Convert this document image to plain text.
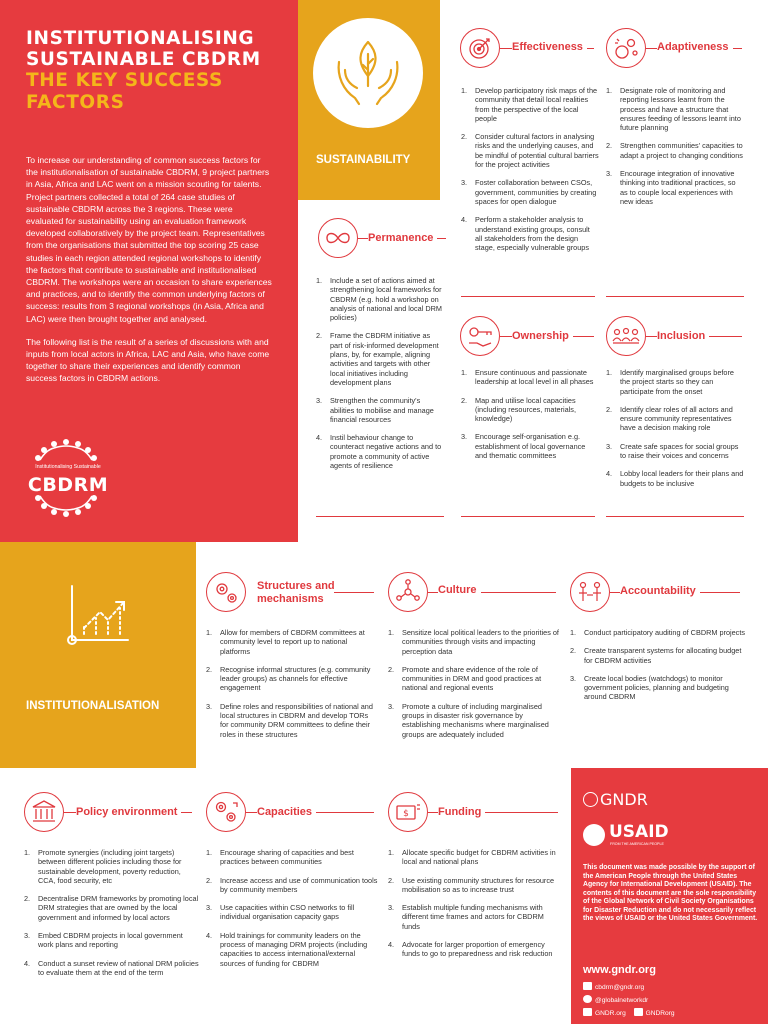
INSTITUTIONALISING
SUSTAINABLE CBDRM
THE KEY SUCCESS
FACTORS

To increase our understanding of common success factors for the institutionalisation of sustainable CBDRM, 9 project partners in Asia, Africa and LAC went on a mission scouting for talents. Project partners collected a total of 264 case studies of sustainable CBDRM across the 3 regions. These were evaluated for sustainability using an evaluation framework developed collaboratively by the project team. Representatives from the organisations that submitted the top scoring 25 case studies in each region attended regional workshops to identify the factors that contribute to sustainable and institutionalised CBDRM. The workshops were an occasion to share experiences and practices, and to identify the common underlying factors of success: results from 3 regional workshops (in Asia, Africa and LAC) were then brought together and analysed.

The following list is the result of a series of discussions with and inputs from local actors in Africa, LAC and Asia, who have come together to share their experiences and identify common success factors in CBDRM actions.

Institutionalising Sustainable
CBDRM
SUSTAINABILITY
Effectiveness
1. Develop participatory risk maps of the community that detail local realities from the perspective of the local people
2. Consider cultural factors in analysing risks and the underlying causes, and be mindful of potential cultural barriers for the project activities
3. Foster collaboration between CSOs, government, communities by creating spaces for open dialogue
4. Perform a stakeholder analysis to understand existing groups, consult all stakeholders from the design stage, especially vulnerable groups
Adaptiveness
1. Designate role of monitoring and reporting lessons learnt from the process and have a structure that ensures feeding of lessons learnt into future planning
2. Strengthen communities' capacities to adapt a project to changing conditions
3. Encourage integration of innovative thinking into traditional practices, so as to couple local experiences with new ideas
Permanence
1. Include a set of actions aimed at strengthening local frameworks for CBDRM (e.g. hold a workshop on analysis of national and local DRM policies)
2. Frame the CBDRM initiative as part of risk-informed development plans, by, for example, aligning activities and targets with other local initiatives including development plans
3. Strengthen the community's abilities to mobilise and manage financial resources
4. Instil behaviour change to counteract negative actions and to promote a community of active agents of resilience
Ownership
1. Ensure continuous and passionate leadership at local level in all phases
2. Map and utilise local capacities (including resources, materials, knowledge)
3. Encourage self-organisation e.g. establishment of local governance and thematic committees
Inclusion
1. Identify marginalised groups before the project starts so they can participate from the onset
2. Identify clear roles of all actors and ensure community representatives have a decision making role
3. Create safe spaces for social groups to raise their voices and concerns
4. Lobby local leaders for their plans and budgets to be inclusive
INSTITUTIONALISATION
Structures and
mechanisms
1. Allow for members of CBDRM committees at community level to report up to national platforms
2. Recognise informal structures (e.g. community leader groups) as channels for effective engagement
3. Define roles and responsibilities of national and local structures in CBDRM and develop TORs for community DRM committees to define their roles in these structures
Culture
1. Sensitize local political leaders to the priorities of communities through visits and impacting perception data
2. Promote and share evidence of the role of communities in DRM and good practices at national and regional events
3. Promote a culture of including marginalised groups in disaster risk governance by establishing mechanisms where marginalised groups are adequately included
Accountability
1. Conduct participatory auditing of CBDRM projects
2. Create transparent systems for allocating budget for CBDRM activities
3. Create local bodies (watchdogs) to monitor government policies, planning and budgeting around CBDRM
Policy environment
1. Promote synergies (including joint targets) between different policies including those for sustainable development, poverty reduction, CCA, food security, etc
2. Decentralise DRM frameworks by promoting local DRM strategies that are owned by the local government and informed by local actors
3. Embed CBDRM projects in local government work plans and reporting
4. Conduct a sunset review of national DRM policies to evaluate them at the end of the term
Capacities
1. Encourage sharing of capacities and best practices between communities
2. Increase access and use of communication tools by community members
3. Use capacities within CSO networks to fill individual organisation capacity gaps
4. Hold trainings for community leaders on the process of managing DRM projects (including capacities to access international/external sources of funding for CBDRM
$	Funding
1. Allocate specific budget for CBDRM activities in local and national plans
2. Use existing community structures for resource mobilisation so as to increase trust
3. Establish multiple funding mechanisms with different time frames and actors for CBDRM funds
4. Advocate for larger proportion of emergency funds to go to preparedness and risk reduction
GNDR
USAID
FROM THE AMERICAN PEOPLE
This document was made possible by the support of the American People through the United States Agency for International Development (USAID). The contents of this document are the sole responsibility of the Global Network of Civil Society Organisations for Disaster Reduction and do not necessarily reflect the views of USAID or the United States Government.
www.gndr.org
cbdrm@gndr.org
@globalnetworkdr
GNDR.org	GNDRorg
